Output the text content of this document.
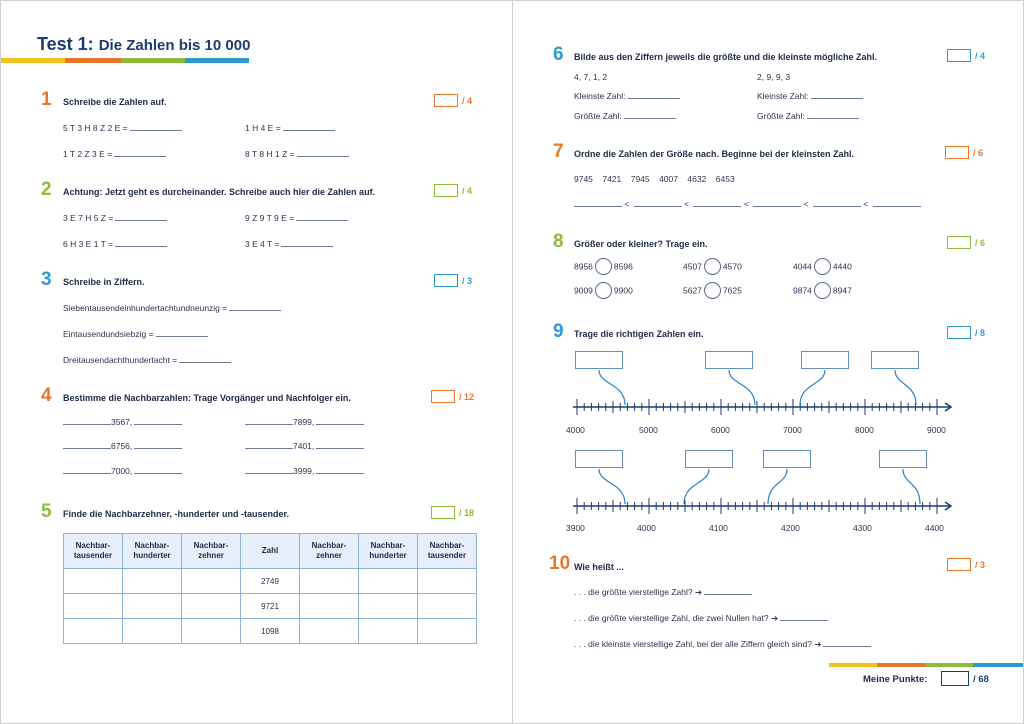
Test 1: Die Zahlen bis 10 000
1 Schreibe die Zahlen auf.	/ 4
5 T 3 H 8 Z 2 E =	1 H 4 E =
1 T 2 Z 3 E =	8 T 8 H 1 Z =
2 Achtung: Jetzt geht es durcheinander. Schreibe auch hier die Zahlen auf.	/ 4
3 E 7 H 5 Z =	9 Z 9 T 9 E =
6 H 3 E 1 T =	3 E 4 T =
3 Schreibe in Ziffern.	/ 3
Siebentausendeinhundertachtundneunzig =
Eintausendundsiebzig =
Dreitausendachthundertacht =
4 Bestimme die Nachbarzahlen: Trage Vorgänger und Nachfolger ein.	/ 12
3567,	7899,
6756,	7401,
7000,	3999,
5 Finde die Nachbarzehner, -hunderter und -tausender.	/ 18
Nachbar-
tausender	Nachbar-
hunderter	Nachbar-
zehner	Zahl	Nachbar-
zehner	Nachbar-
hunderter	Nachbar-
tausender
			2749			
			9721			
			1098			
6 Bilde aus den Ziffern jeweils die größte und die kleinste mögliche Zahl.	/ 4
4, 7, 1, 2	2, 9, 9, 3
Kleinste Zahl:	Kleinste Zahl:
Größte Zahl:	Größte Zahl:
7 Ordne die Zahlen der Größe nach. Beginne bei der kleinsten Zahl.	/ 6
9745    7421    7945    4007    4632    6453
<	<	<	<	<
8 Größer oder kleiner? Trage ein.	/ 6
8956 8596	4507 4570	4044 4440
9009 9900	5627 7625	9874 8947
9 Trage die richtigen Zahlen ein.	/ 8
4000	5000	6000	7000	8000	9000
3900	4000	4100	4200	4300	4400
10 Wie heißt ...	/ 3
. . . die größte vierstellige Zahl? ➔
. . . die größte vierstellige Zahl, die zwei Nullen hat? ➔
. . . die kleinste vierstellige Zahl, bei der alle Ziffern gleich sind? ➔
Meine Punkte:	/ 68
